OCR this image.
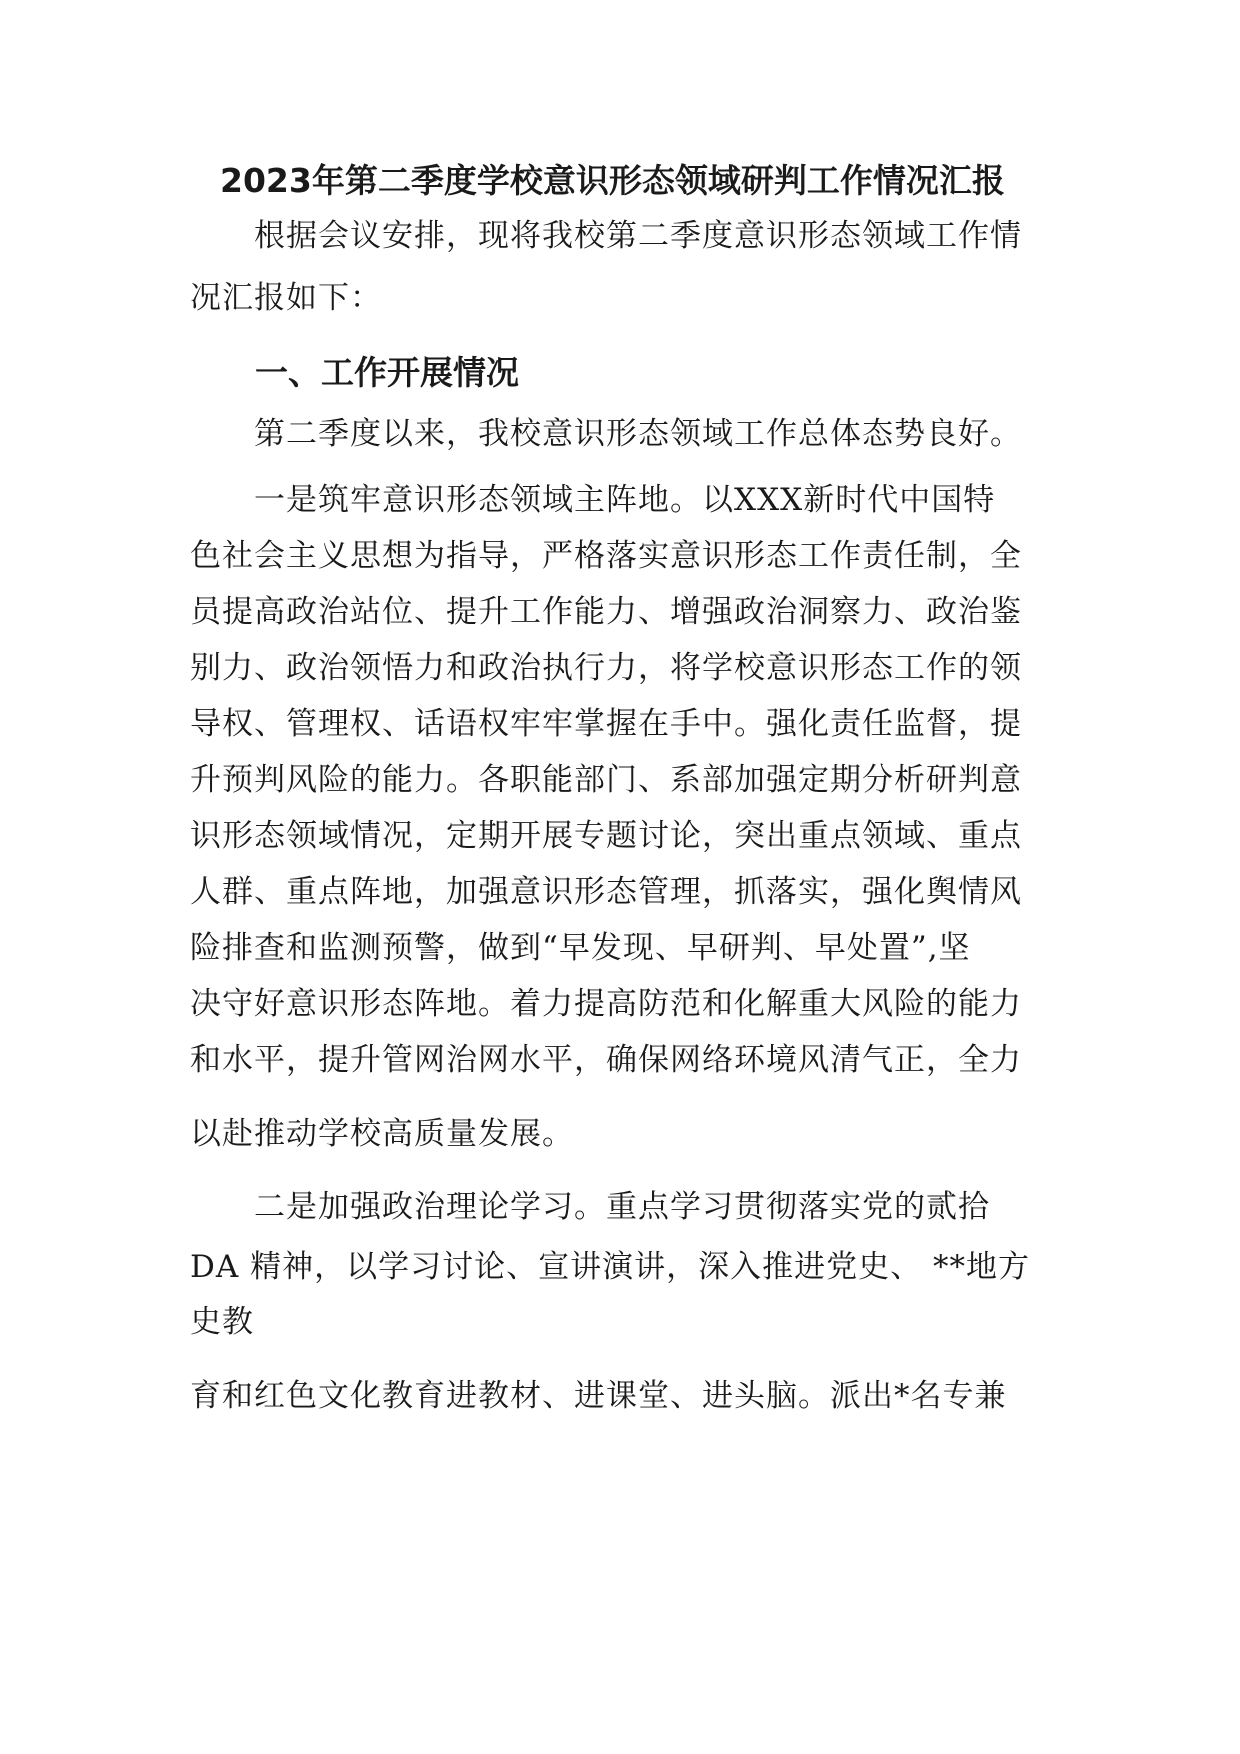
2023年第二季度学校意识形态领域研判工作情况汇报
根据会议安排，现将我校第二季度意识形态领域工作情
况汇报如下：
一、工作开展情况
第二季度以来，我校意识形态领域工作总体态势良好。
一是筑牢意识形态领域主阵地。以XXX新时代中国特
色社会主义思想为指导，严格落实意识形态工作责任制，全
员提高政治站位、提升工作能力、增强政治洞察力、政治鉴
别力、政治领悟力和政治执行力，将学校意识形态工作的领
导权、管理权、话语权牢牢掌握在手中。强化责任监督，提
升预判风险的能力。各职能部门、系部加强定期分析研判意
识形态领域情况，定期开展专题讨论，突出重点领域、重点
人群、重点阵地，加强意识形态管理，抓落实，强化舆情风
险排查和监测预警，做到“早发现、早研判、早处置”,坚
决守好意识形态阵地。着力提高防范和化解重大风险的能力
和水平，提升管网治网水平，确保网络环境风清气正，全力
以赴推动学校高质量发展。
二是加强政治理论学习。重点学习贯彻落实党的贰拾
DA 精神，以学习讨论、宣讲演讲，深入推进党史、 **地方
史教
育和红色文化教育进教材、进课堂、进头脑。派出*名专兼
